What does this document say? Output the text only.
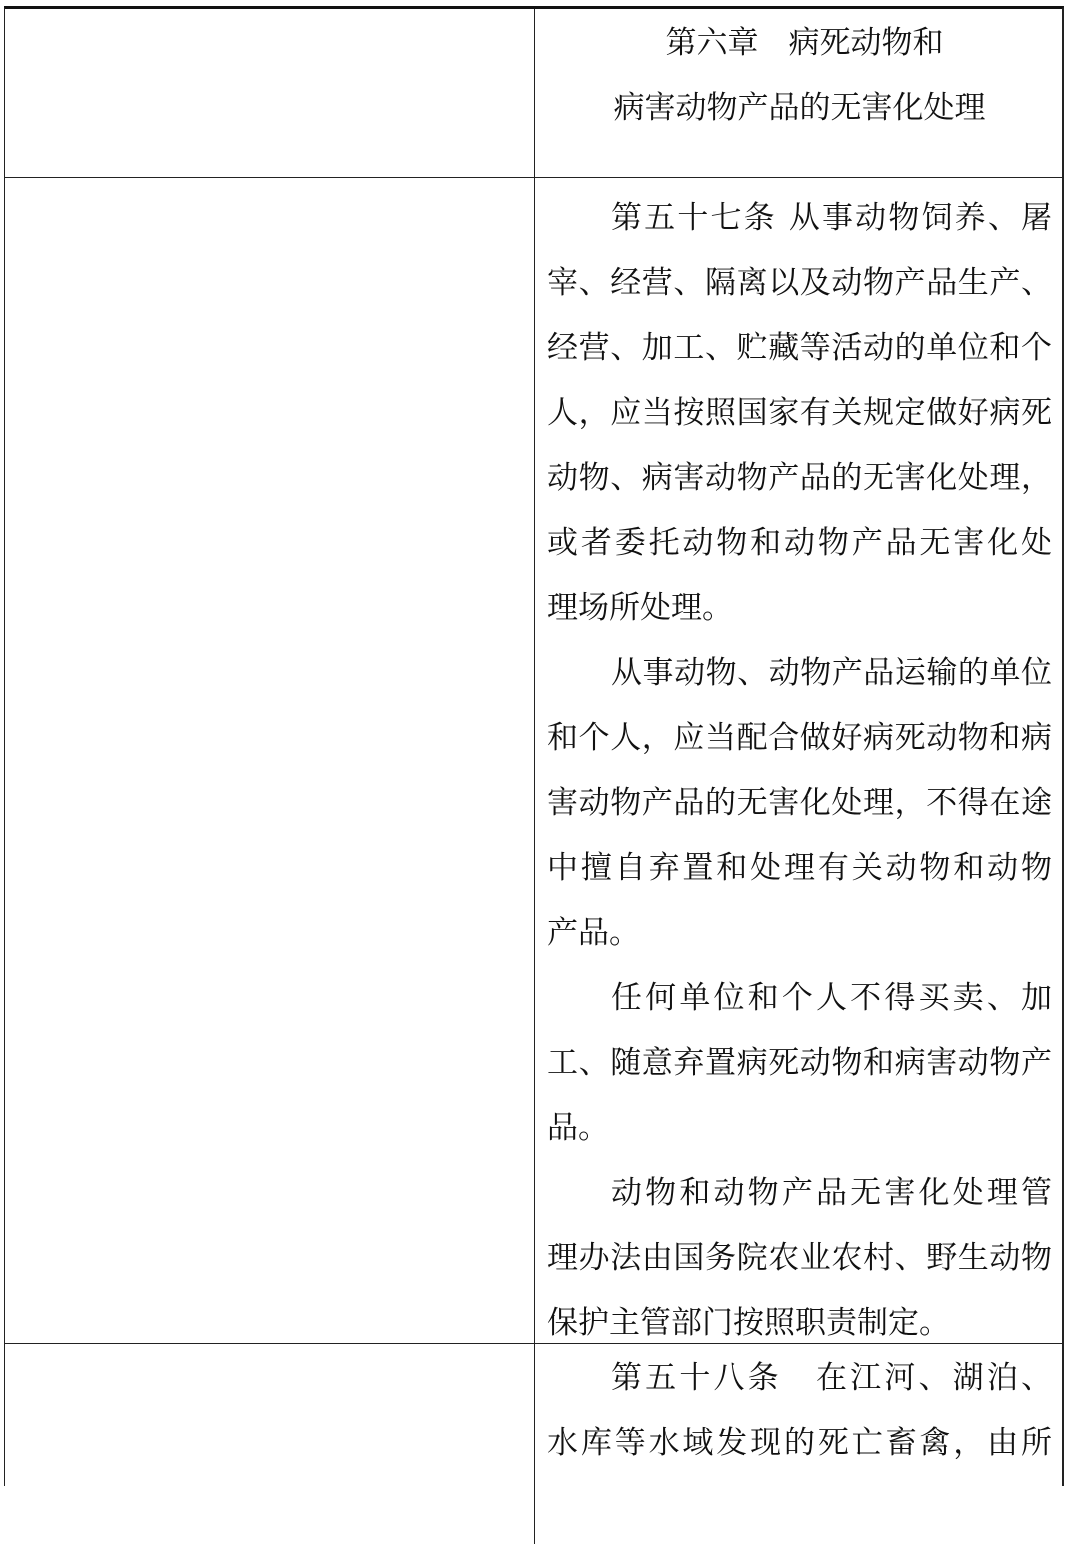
第六章 病死动物和
病害动物产品的无害化处理
第五十七条 从事动物饲养、屠
宰、经营、隔离以及动物产品生产、
经营、加工、贮藏等活动的单位和个
人，应当按照国家有关规定做好病死
动物、病害动物产品的无害化处理，
或者委托动物和动物产品无害化处
理场所处理。
从事动物、动物产品运输的单位
和个人，应当配合做好病死动物和病
害动物产品的无害化处理，不得在途
中擅自弃置和处理有关动物和动物
产品。
任何单位和个人不得买卖、加
工、随意弃置病死动物和病害动物产
品。
动物和动物产品无害化处理管
理办法由国务院农业农村、野生动物
保护主管部门按照职责制定。
第五十八条　在江河、湖泊、
水库等水域发现的死亡畜禽，由所
